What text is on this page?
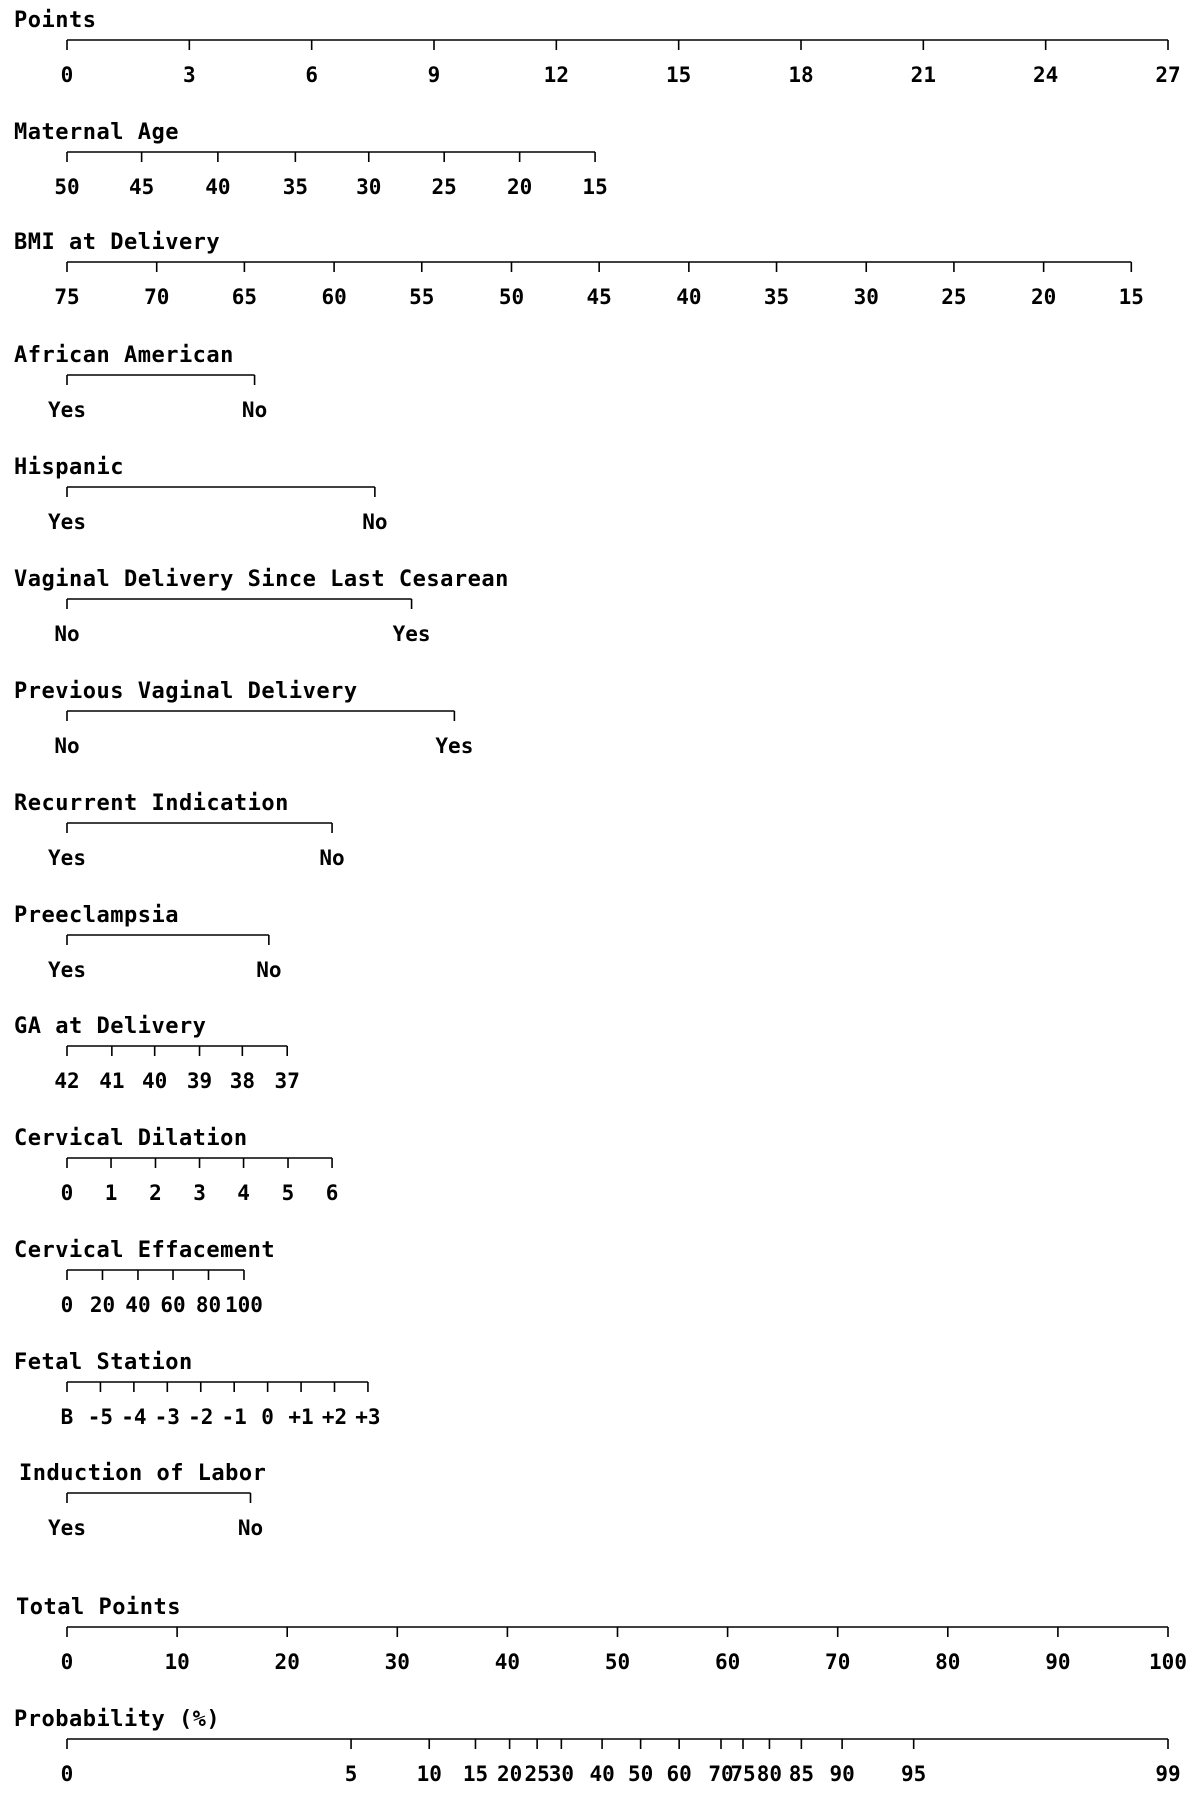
Points
0	3	6	9	12	15	18	21	24	27
Maternal Age
50 45 40 35 30 25 20 15
BMI at Delivery
75	70	65	60	55	50	45	40	35	30	25	20	15
African American
Yes	No
Hispanic
Yes	No
Vaginal Delivery Since Last Cesarean
No	Yes
Previous Vaginal Delivery
No	Yes
Recurrent Indication
Yes	No
Preeclampsia
Yes	No
GA at Delivery
42 41 40 39 38 37
Cervical Dilation
0 1 2 3 4 5 6
Cervical Effacement
0 20 40 60 80 100
Fetal Station
B -5 -4 -3 -2 -1 0 +1 +2 +3
Induction of Labor
Yes	No
Total Points
0	10	20	30	40	50	60	70	80	90	100
Probability (%)
0	5	10 15 20 25
30 40 50 60 70
75 80 85 90 95	99
